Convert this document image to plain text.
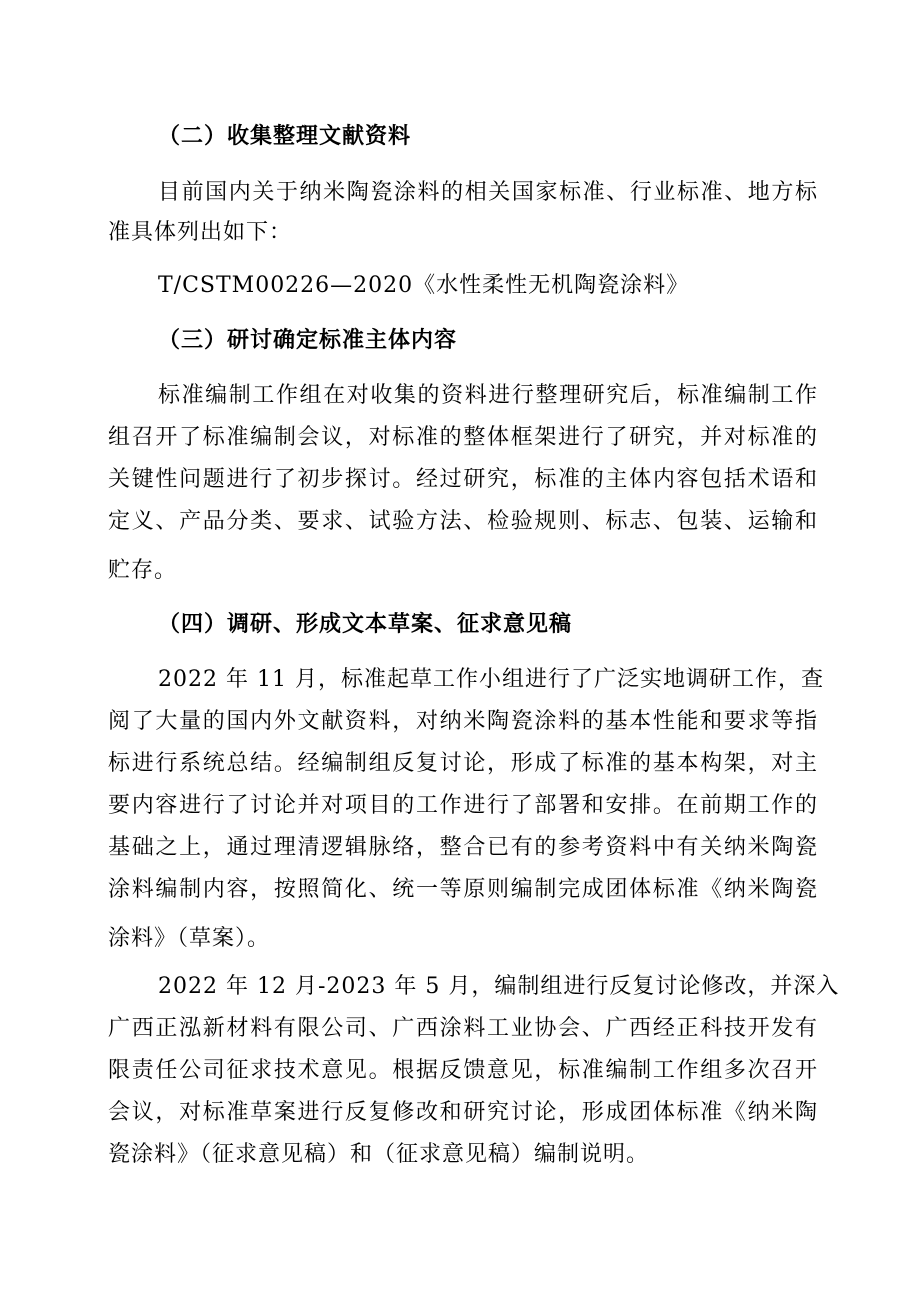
（二）收集整理文献资料
目前国内关于纳米陶瓷涂料的相关国家标准、行业标准、地方标
准具体列出如下：
T/CSTM00226—2020《水性柔性无机陶瓷涂料》
（三）研讨确定标准主体内容
标准编制工作组在对收集的资料进行整理研究后，标准编制工作
组召开了标准编制会议，对标准的整体框架进行了研究，并对标准的
关键性问题进行了初步探讨。经过研究，标准的主体内容包括术语和
定义、产品分类、要求、试验方法、检验规则、标志、包装、运输和
贮存。
（四）调研、形成文本草案、征求意见稿
2022 年 11 月，标准起草工作小组进行了广泛实地调研工作，查
阅了大量的国内外文献资料，对纳米陶瓷涂料的基本性能和要求等指
标进行系统总结。经编制组反复讨论，形成了标准的基本构架，对主
要内容进行了讨论并对项目的工作进行了部署和安排。在前期工作的
基础之上，通过理清逻辑脉络，整合已有的参考资料中有关纳米陶瓷
涂料编制内容，按照简化、统一等原则编制完成团体标准《纳米陶瓷
涂料》（草案）。
2022 年 12 月-2023 年 5 月，编制组进行反复讨论修改，并深入
广西正泓新材料有限公司、广西涂料工业协会、广西经正科技开发有
限责任公司征求技术意见。根据反馈意见，标准编制工作组多次召开
会议，对标准草案进行反复修改和研究讨论，形成团体标准《纳米陶
瓷涂料》（征求意见稿）和（征求意见稿）编制说明。
